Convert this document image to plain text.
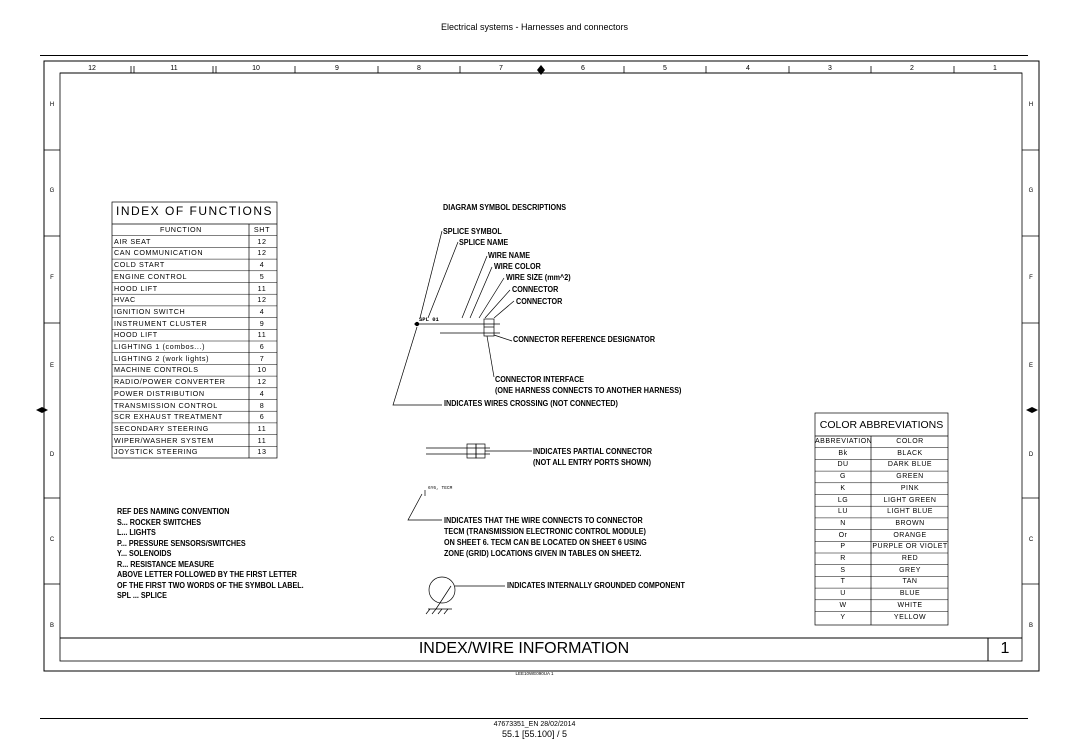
Electrical systems - Harnesses and connectors
12	11	10	9	8	7	6	5	4	3	2	1
H
G
F
E
D
C
B
H
G
F
E
D
C
B
INDEX OF FUNCTIONS
FUNCTION	SHT
AIR SEAT	12
CAN COMMUNICATION	12
COLD START	4
ENGINE CONTROL	5
HOOD LIFT	11
HVAC	12
IGNITION SWITCH	4
INSTRUMENT CLUSTER	9
HOOD LIFT	11
LIGHTING 1 (combos...)	6
LIGHTING 2 (work lights)	7
MACHINE CONTROLS	10
RADIO/POWER CONVERTER	12
POWER DISTRIBUTION	4
TRANSMISSION CONTROL	8
SCR EXHAUST TREATMENT	6
SECONDARY STEERING	11
WIPER/WASHER SYSTEM	11
JOYSTICK STEERING	13
DIAGRAM SYMBOL DESCRIPTIONS
SPLICE SYMBOL
SPLICE NAME
WIRE NAME
WIRE COLOR
WIRE SIZE (mm^2)
CONNECTOR
CONNECTOR
SPL 01
CONNECTOR REFERENCE DESIGNATOR
CONNECTOR INTERFACE
(ONE HARNESS CONNECTS TO ANOTHER HARNESS)
INDICATES WIRES CROSSING (NOT CONNECTED)
INDICATES PARTIAL CONNECTOR
(NOT ALL ENTRY PORTS SHOWN)
6Y6, TECM
INDICATES THAT THE WIRE CONNECTS TO CONNECTOR
TECM (TRANSMISSION ELECTRONIC CONTROL MODULE)
ON SHEET 6. TECM CAN BE LOCATED ON SHEET 6 USING
ZONE (GRID) LOCATIONS GIVEN IN TABLES ON SHEET2.
INDICATES INTERNALLY GROUNDED COMPONENT
REF DES NAMING CONVENTION
S... ROCKER SWITCHES
L... LIGHTS
P... PRESSURE SENSORS/SWITCHES
Y... SOLENOIDS
R... RESISTANCE MEASURE
ABOVE LETTER FOLLOWED BY THE FIRST LETTER
OF THE FIRST TWO WORDS OF THE SYMBOL LABEL.
SPL ... SPLICE
COLOR ABBREVIATIONS
ABBREVIATION	COLOR
Bk	BLACK
DU	DARK BLUE
G	GREEN
K	PINK
LG	LIGHT GREEN
LU	LIGHT BLUE
N	BROWN
Or	ORANGE
P	PURPLE OR VIOLET
R	RED
S	GREY
T	TAN
U	BLUE
W	WHITE
Y	YELLOW
INDEX/WIRE INFORMATION	1
LEE10WE090UA 1
47673351_EN 28/02/2014
55.1 [55.100] / 5
